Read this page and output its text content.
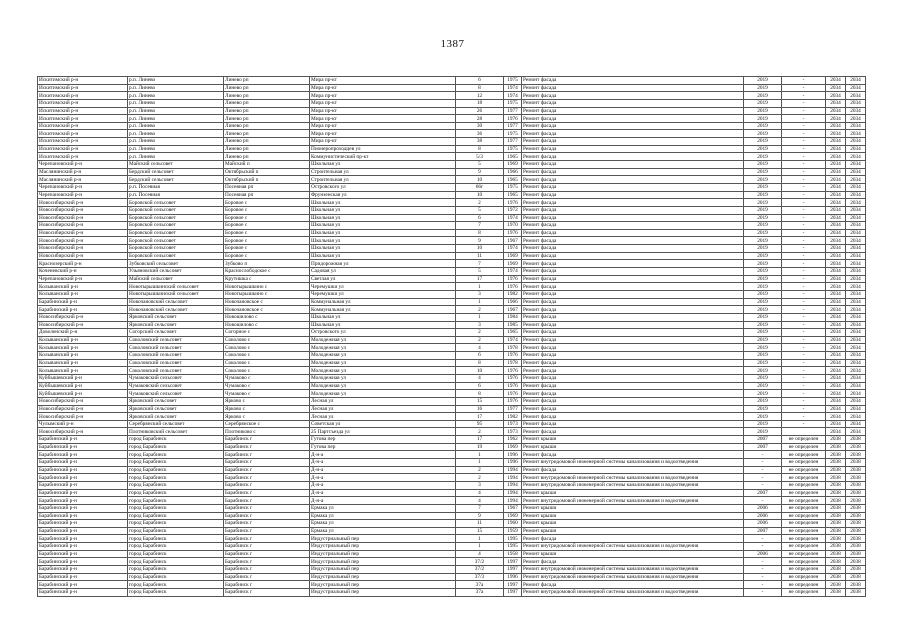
1387
Искитимский р-н	р.п. Линево	Линево рп	Мира пр-кт	6	1975	Ремонт фасада	2019	-	2034	2034
Искитимский р-н	р.п. Линево	Линево рп	Мира пр-кт	8	1974	Ремонт фасада	2019	-	2034	2034
Искитимский р-н	р.п. Линево	Линево рп	Мира пр-кт	12	1974	Ремонт фасада	2019	-	2034	2034
Искитимский р-н	р.п. Линево	Линево рп	Мира пр-кт	18	1975	Ремонт фасада	2019	-	2034	2034
Искитимский р-н	р.п. Линево	Линево рп	Мира пр-кт	26	1977	Ремонт фасада	2019	-	2034	2034
Искитимский р-н	р.п. Линево	Линево рп	Мира пр-кт	28	1976	Ремонт фасада	2019	-	2034	2034
Искитимский р-н	р.п. Линево	Линево рп	Мира пр-кт	30	1977	Ремонт фасада	2019	-	2034	2034
Искитимский р-н	р.п. Линево	Линево рп	Мира пр-кт	36	1975	Ремонт фасада	2019	-	2034	2034
Искитимский р-н	р.п. Линево	Линево рп	Мира пр-кт	38	1977	Ремонт фасада	2019	-	2034	2034
Искитимский р-н	р.п. Линево	Линево рп	Пионеропроходцев ул	8	1975	Ремонт фасада	2019	-	2034	2034
Искитимский р-н	р.п. Линево	Линево рп	Коммунистический пр-кт	5/3	1965	Ремонт фасада	2019	-	2034	2034
Черепановский р-н	Майский сельсовет	Майский п	Школьная ул	5	1969	Ремонт фасада	2019	-	2034	2034
Маслянинский р-н	Бердский сельсовет	Октябрьский п	Строительная ул	9	1966	Ремонт фасада	2019	-	2034	2034
Маслянинский р-н	Бердский сельсовет	Октябрьский п	Строительная ул	10	1965	Ремонт фасада	2019	-	2034	2034
Черепановский р-н	р.п. Посевная	Посевная рп	Островского ул	66г	1975	Ремонт фасада	2019	-	2034	2034
Черепановский р-н	р.п. Посевная	Посевная рп	Фрунзенская ул	10	1965	Ремонт фасада	2019	-	2034	2034
Новосибирский р-н	Боровской сельсовет	Боровое с	Школьная ул	2	1976	Ремонт фасада	2019	-	2034	2034
Новосибирский р-н	Боровской сельсовет	Боровое с	Школьная ул	5	1972	Ремонт фасада	2019	-	2034	2034
Новосибирский р-н	Боровской сельсовет	Боровое с	Школьная ул	6	1974	Ремонт фасада	2019	-	2034	2034
Новосибирский р-н	Боровской сельсовет	Боровое с	Школьная ул	7	1970	Ремонт фасада	2019	-	2034	2034
Новосибирский р-н	Боровской сельсовет	Боровое с	Школьная ул	8	1976	Ремонт фасада	2019	-	2034	2034
Новосибирский р-н	Боровской сельсовет	Боровое с	Школьная ул	9	1967	Ремонт фасада	2019	-	2034	2034
Новосибирский р-н	Боровской сельсовет	Боровое с	Школьная ул	10	1974	Ремонт фасада	2019	-	2034	2034
Новосибирский р-н	Боровской сельсовет	Боровое с	Школьная ул	11	1969	Ремонт фасада	2019	-	2034	2034
Краснозерский р-н	Зубковский сельсовет	Зубково п	Придорожная ул	7	1969	Ремонт фасада	2019	-	2034	2034
Коченевский р-н	Ульяновский сельсовет	Краснослободское с	Садовая ул	5	1974	Ремонт фасада	2019	-	2034	2034
Черепановский р-н	Майский сельсовет	Крутишка с	Светлая ул	17	1976	Ремонт фасада	2019	-	2034	2034
Колыванский р-н	Новотырышкинский сельсовет	Новотырышкино с	Черемушки ул	1	1976	Ремонт фасада	2019	-	2034	2034
Колыванский р-н	Новотырышкинский сельсовет	Новотырышкино с	Черемушки ул	3	1982	Ремонт фасада	2019	-	2034	2034
Барабинский р-н	Новочановский сельсовет	Новочановское с	Коммунальная ул	1	1966	Ремонт фасада	2019	-	2034	2034
Барабинский р-н	Новочановский сельсовет	Новочановское с	Коммунальная ул	2	1967	Ремонт фасада	2019	-	2034	2034
Новосибирский р-н	Ярковский сельсовет	Новошилово с	Школьная ул	1	1984	Ремонт фасада	2019	-	2034	2034
Новосибирский р-н	Ярковский сельсовет	Новошилово с	Школьная ул	3	1985	Ремонт фасада	2019	-	2034	2034
Доволенский р-н	Согорский сельсовет	Согорное с	Островского ул	2	1965	Ремонт фасада	2019	-	2034	2034
Колыванский р-н	Соколовский сельсовет	Соколово с	Молодежная ул	2	1974	Ремонт фасада	2019	-	2034	2034
Колыванский р-н	Соколовский сельсовет	Соколово с	Молодежная ул	4	1978	Ремонт фасада	2019	-	2034	2034
Колыванский р-н	Соколовский сельсовет	Соколово с	Молодежная ул	6	1976	Ремонт фасада	2019	-	2034	2034
Колыванский р-н	Соколовский сельсовет	Соколово с	Молодежная ул	8	1978	Ремонт фасада	2019	-	2034	2034
Колыванский р-н	Соколовский сельсовет	Соколово с	Молодежная ул	10	1976	Ремонт фасада	2019	-	2034	2034
Куйбышевский р-н	Чумаковский сельсовет	Чумаково с	Молодежная ул	4	1976	Ремонт фасада	2019	-	2034	2034
Куйбышевский р-н	Чумаковский сельсовет	Чумаково с	Молодежная ул	6	1976	Ремонт фасада	2019	-	2034	2034
Куйбышевский р-н	Чумаковский сельсовет	Чумаково с	Молодежная ул	8	1976	Ремонт фасада	2019	-	2034	2034
Новосибирский р-н	Ярковский сельсовет	Ярково с	Лесная ул	15	1976	Ремонт фасада	2019	-	2034	2034
Новосибирский р-н	Ярковский сельсовет	Ярково с	Лесная ул	16	1977	Ремонт фасада	2019	-	2034	2034
Новосибирский р-н	Ярковский сельсовет	Ярково с	Лесная ул	17	1982	Ремонт фасада	2019	-	2034	2034
Чулымский р-н	Серебрянский сельсовет	Серебрянское с	Советская ул	95	1973	Ремонт фасада	2019	-	2034	2034
Новосибирский р-н	Плотниковский сельсовет	Плотниково с	25 Партсъезда ул	2	1973	Ремонт фасада	2019		2034	2034
Барабинский р-н	город Барабинск	Барабинск г	Гутова пер	17	1962	Ремонт крыши	2007	не определен	2038	2038
Барабинский р-н	город Барабинск	Барабинск г	Гутова пер	19	1969	Ремонт крыши	2007	не определен	2038	2038
Барабинский р-н	город Барабинск	Барабинск г	Д-н-а	1	1996	Ремонт фасада	-	не определен	2038	2038
Барабинский р-н	город Барабинск	Барабинск г	Д-н-а	1	1996	Ремонт внутридомовой инженерной системы канализования и водоотведения	-	не определен	2038	2038
Барабинский р-н	город Барабинск	Барабинск г	Д-н-а	2	1994	Ремонт фасада	-	не определен	2038	2038
Барабинский р-н	город Барабинск	Барабинск г	Д-н-а	2	1994	Ремонт внутридомовой инженерной системы канализования и водоотведения	-	не определен	2038	2038
Барабинский р-н	город Барабинск	Барабинск г	Д-н-а	3	1994	Ремонт внутридомовой инженерной системы канализования и водоотведения	-	не определен	2038	2038
Барабинский р-н	город Барабинск	Барабинск г	Д-н-а	4	1994	Ремонт крыши	2007	не определен	2038	2038
Барабинский р-н	город Барабинск	Барабинск г	Д-н-а	4	1994	Ремонт внутридомовой инженерной системы канализования и водоотведения	-	не определен	2038	2038
Барабинский р-н	город Барабинск	Барабинск г	Ермака ул	7	1967	Ремонт крыши	2006	не определен	2038	2038
Барабинский р-н	город Барабинск	Барабинск г	Ермака ул	9	1969	Ремонт крыши	2006	не определен	2038	2038
Барабинский р-н	город Барабинск	Барабинск г	Ермака ул	11	1960	Ремонт крыши	2006	не определен	2038	2038
Барабинский р-н	город Барабинск	Барабинск г	Ермака ул	15	1959	Ремонт крыши	2007	не определен	2038	2038
Барабинский р-н	город Барабинск	Барабинск г	Индустриальный пер	1	1995	Ремонт фасада	-	не определен	2038	2038
Барабинский р-н	город Барабинск	Барабинск г	Индустриальный пер	1	1995	Ремонт внутридомовой инженерной системы канализования и водоотведения	-	не определен	2038	2038
Барабинский р-н	город Барабинск	Барабинск г	Индустриальный пер	4	1958	Ремонт крыши	2006	не определен	2038	2038
Барабинский р-н	город Барабинск	Барабинск г	Индустриальный пер	37/2	1997	Ремонт фасада	-	не определен	2038	2038
Барабинский р-н	город Барабинск	Барабинск г	Индустриальный пер	37/2	1997	Ремонт внутридомовой инженерной системы канализования и водоотведения	-	не определен	2038	2038
Барабинский р-н	город Барабинск	Барабинск г	Индустриальный пер	37/3	1996	Ремонт внутридомовой инженерной системы канализования и водоотведения	-	не определен	2038	2038
Барабинский р-н	город Барабинск	Барабинск г	Индустриальный пер	37а	1997	Ремонт фасада	-	не определен	2038	2038
Барабинский р-н	город Барабинск	Барабинск г	Индустриальный пер	37а	1997	Ремонт внутридомовой инженерной системы канализования и водоотведения	-	не определен	2038	2038
